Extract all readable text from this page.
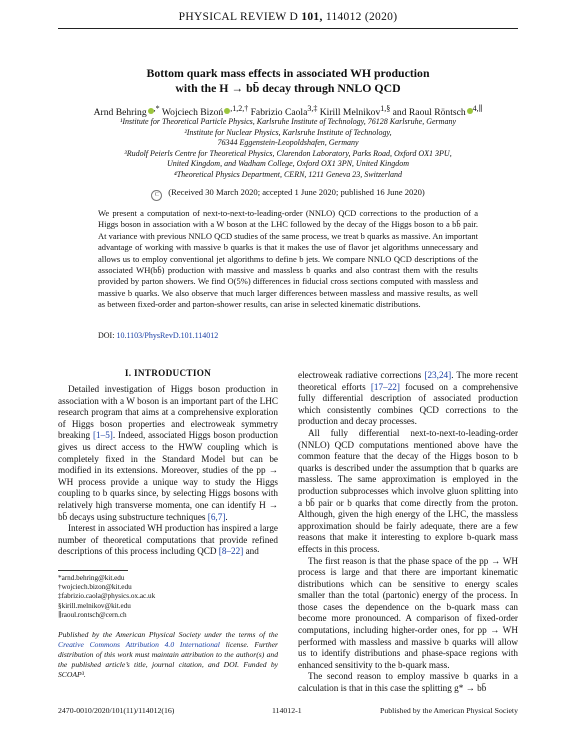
PHYSICAL REVIEW D 101, 114012 (2020)
Bottom quark mass effects in associated WH production
with the H → bb̄ decay through NNLO QCD
Arnd Behring ,* Wojciech Bizoń $^{,1,2,\dagger}$ Fabrizio Caola$^{3,\ddagger}$ Kirill Melnikov$^{1,\S}$ and Raoul Röntsch $^{4,\parallel}$
¹Institute for Theoretical Particle Physics, Karlsruhe Institute of Technology, 76128 Karlsruhe, Germany
²Institute for Nuclear Physics, Karlsruhe Institute of Technology,
76344 Eggenstein-Leopoldshafen, Germany
³Rudolf Peierls Centre for Theoretical Physics, Clarendon Laboratory, Parks Road, Oxford OX1 3PU,
United Kingdom, and Wadham College, Oxford OX1 3PN, United Kingdom
⁴Theoretical Physics Department, CERN, 1211 Geneva 23, Switzerland
C (Received 30 March 2020; accepted 1 June 2020; published 16 June 2020)
We present a computation of next-to-next-to-leading-order (NNLO) QCD corrections to the production of a Higgs boson in association with a W boson at the LHC followed by the decay of the Higgs boson to a bb̄ pair. At variance with previous NNLO QCD studies of the same process, we treat b quarks as massive. An important advantage of working with massive b quarks is that it makes the use of flavor jet algorithms unnecessary and allows us to employ conventional jet algorithms to define b jets. We compare NNLO QCD descriptions of the associated WH(bb̄) production with massive and massless b quarks and also contrast them with the results provided by parton showers. We find O(5%) differences in fiducial cross sections computed with massless and massive b quarks. We also observe that much larger differences between massless and massive results, as well as between fixed-order and parton-shower results, can arise in selected kinematic distributions.
DOI: 10.1103/PhysRevD.101.114012
I. INTRODUCTION

Detailed investigation of Higgs boson production in association with a W boson is an important part of the LHC research program that aims at a comprehensive exploration of Higgs boson properties and electroweak symmetry breaking [1–5]. Indeed, associated Higgs boson production gives us direct access to the HWW coupling which is completely fixed in the Standard Model but can be modified in its extensions. Moreover, studies of the pp → WH process provide a unique way to study the Higgs coupling to b quarks since, by selecting Higgs bosons with relatively high transverse momenta, one can identify H → bb̄ decays using substructure techniques [6,7].

Interest in associated WH production has inspired a large number of theoretical computations that provide refined descriptions of this process including QCD [8–22] and

*arnd.behring@kit.edu
†wojciech.bizon@kit.edu
‡fabrizio.caola@physics.ox.ac.uk
§kirill.melnikov@kit.edu
∥raoul.rontsch@cern.ch
Published by the American Physical Society under the terms of the Creative Commons Attribution 4.0 International license. Further distribution of this work must maintain attribution to the author(s) and the published article’s title, journal citation, and DOI. Funded by SCOAP³.

electroweak radiative corrections [23,24]. The more recent theoretical efforts [17–22] focused on a comprehensive fully differential description of associated production which consistently combines QCD corrections to the production and decay processes.

All fully differential next-to-next-to-leading-order (NNLO) QCD computations mentioned above have the common feature that the decay of the Higgs boson to b quarks is described under the assumption that b quarks are massless. The same approximation is employed in the production subprocesses which involve gluon splitting into a bb̄ pair or b quarks that come directly from the proton. Although, given the high energy of the LHC, the massless approximation should be fairly adequate, there are a few reasons that make it interesting to explore b-quark mass effects in this process.

The first reason is that the phase space of the pp → WH process is large and that there are important kinematic distributions which can be sensitive to energy scales smaller than the total (partonic) energy of the process. In those cases the dependence on the b-quark mass can become more pronounced. A comparison of fixed-order computations, including higher-order ones, for pp → WH performed with massless and massive b quarks will allow us to identify distributions and phase-space regions with enhanced sensitivity to the b-quark mass.

The second reason to employ massive b quarks in a calculation is that in this case the splitting g* → bb̄

2470-0010/2020/101(11)/114012(16)	114012-1	Published by the American Physical Society
